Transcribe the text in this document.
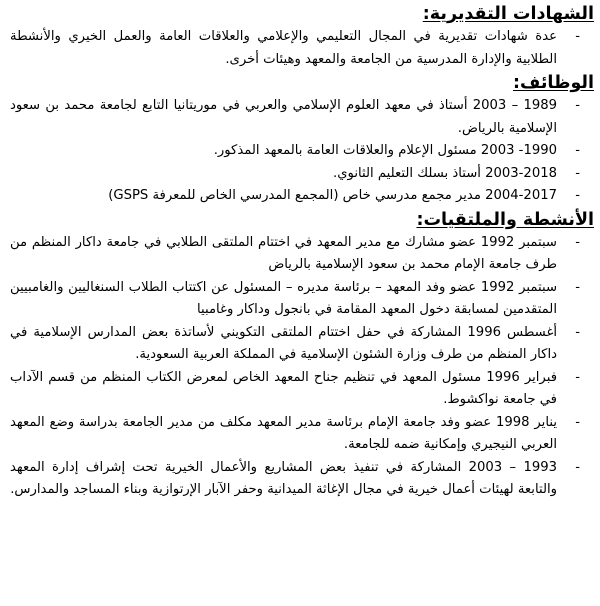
الشهادات التقديرية:
-
عدة شهادات تقديرية في المجال التعليمي والإعلامي والعلاقات العامة والعمل الخيري والأنشطة الطلابية والإدارة المدرسية من الجامعة والمعهد وهيئات أخرى.
الوظائف:
-
1989 – 2003 أستاذ في معهد العلوم الإسلامي والعربي في موريتانيا التابع لجامعة محمد بن سعود الإسلامية بالرياض.
-
1990- 2003 مسئول الإعلام والعلاقات العامة بالمعهد المذكور.
-
2003-2018 أستاذ بسلك التعليم الثانوي.
-
2004-2017 مدير مجمع مدرسي خاص (المجمع المدرسي الخاص للمعرفة GSPS)
الأنشطة والملتقيات:
-
سبتمبر 1992 عضو مشارك مع مدير المعهد في اختتام الملتقى الطلابي في جامعة داكار المنظم من طرف جامعة الإمام محمد بن سعود الإسلامية بالرياض
-
سبتمبر 1992 عضو وفد المعهد – برئاسة مديره – المسئول عن اكتتاب الطلاب السنغاليين والغامبيين المتقدمين لمسابقة دخول المعهد المقامة في بانجول وداكار وغامبيا
-
أغسطس 1996 المشاركة في حفل اختتام الملتقى التكويني لأساتذة بعض المدارس الإسلامية في داكار المنظم من طرف وزارة الشئون الإسلامية في المملكة العربية السعودية.
-
فبراير 1996 مسئول المعهد في تنظيم جناح المعهد الخاص لمعرض الكتاب المنظم من قسم الآداب في جامعة نواكشوط.
-
يناير 1998 عضو وفد جامعة الإمام برئاسة مدير المعهد مكلف من مدير الجامعة بدراسة وضع المعهد العربي النيجيري وإمكانية ضمه للجامعة.
-
1993 – 2003 المشاركة في تنفيذ بعض المشاريع والأعمال الخيرية تحت إشراف إدارة المعهد والتابعة لهيئات أعمال خيرية في مجال الإغاثة الميدانية وحفر الآبار الإرتوازية وبناء المساجد والمدارس.
